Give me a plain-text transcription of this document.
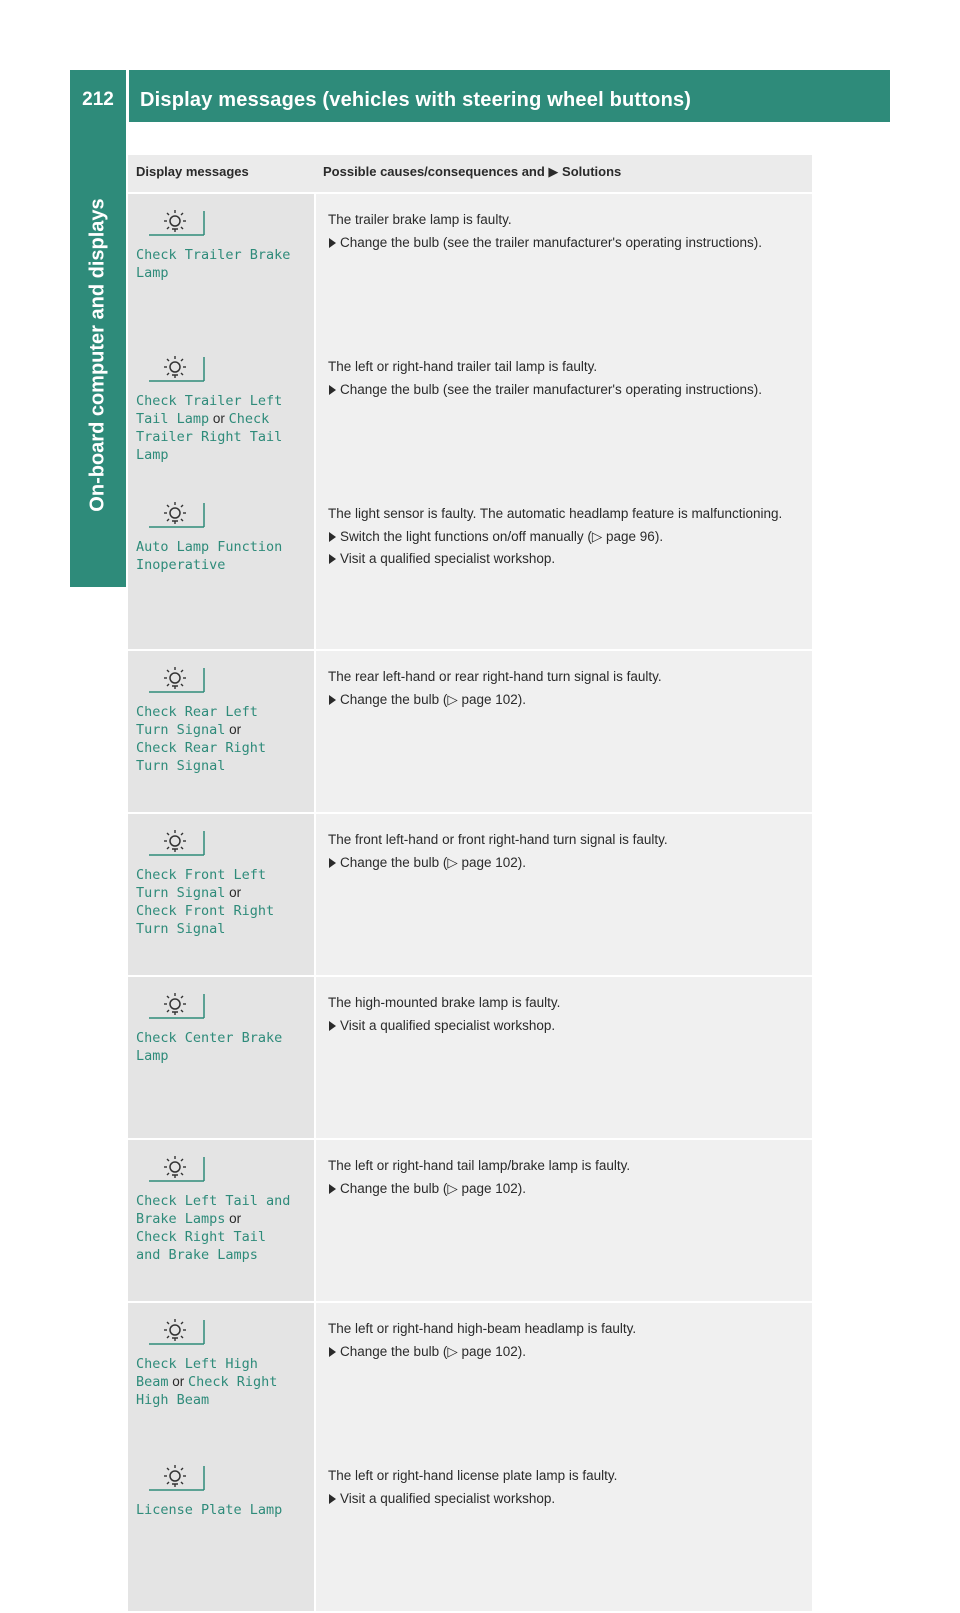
212	Display messages (vehicles with steering wheel buttons)
On-board computer and displays
Display messages	Possible causes/consequences and ▶ Solutions
Check Trailer Brake
Lamp
Check Trailer Left
Tail Lamp or Check
Trailer Right Tail
Lamp
Auto Lamp Function
Inoperative

The trailer brake lamp is faulty.

Change the bulb (see the trailer manufacturer's operating instructions).

The left or right-hand trailer tail lamp is faulty.

Change the bulb (see the trailer manufacturer's operating instructions).

The light sensor is faulty. The automatic headlamp feature is malfunctioning.

Switch the light functions on/off manually (▷ page 96).
Visit a qualified specialist workshop.
Check Rear Left
Turn Signal or
Check Rear Right
Turn Signal

The rear left-hand or rear right-hand turn signal is faulty.

Change the bulb (▷ page 102).
Check Front Left
Turn Signal or
Check Front Right
Turn Signal

The front left-hand or front right-hand turn signal is faulty.

Change the bulb (▷ page 102).
Check Center Brake
Lamp

The high-mounted brake lamp is faulty.

Visit a qualified specialist workshop.
Check Left Tail and
Brake Lamps or
Check Right Tail
and Brake Lamps

The left or right-hand tail lamp/brake lamp is faulty.

Change the bulb (▷ page 102).
Check Left High
Beam or Check Right
High Beam
License Plate Lamp

The left or right-hand high-beam headlamp is faulty.

Change the bulb (▷ page 102).

The left or right-hand license plate lamp is faulty.

Visit a qualified specialist workshop.
